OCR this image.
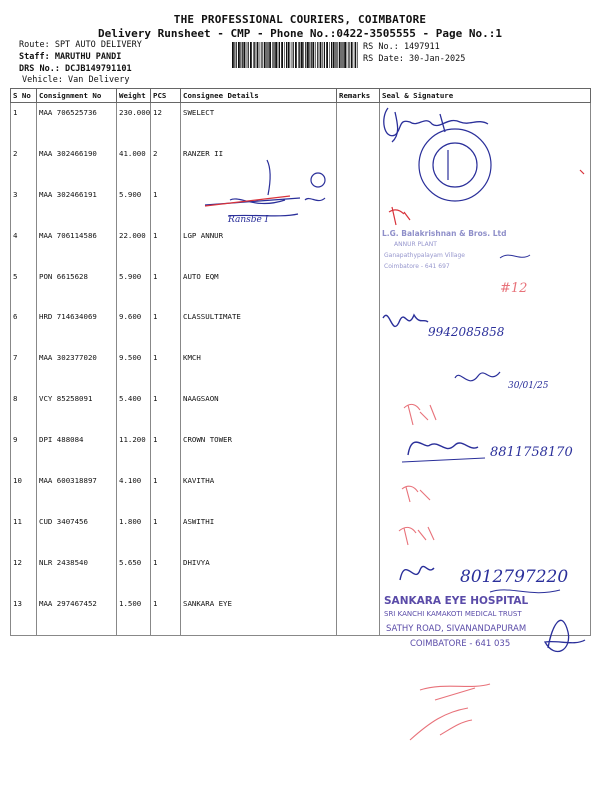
THE PROFESSIONAL COURIERS, COIMBATORE
Delivery Runsheet - CMP - Phone No.:0422-3505555 - Page No.:1
Route: SPT AUTO DELIVERY
Staff: MARUTHU PANDI
DRS No.: DCJB149791101
Vehicle: Van Delivery
RS No.: 1497911
RS Date: 30-Jan-2025
S No	Consignment No	Weight	PCS	Consignee Details	Remarks	Seal & Signature
1	MAA 706525736	230.000	12	SWELECT		
2	MAA 302466190	41.000	2	RANZER II		
3	MAA 302466191	5.900	1			
4	MAA 706114586	22.000	1	LGP ANNUR		
5	PON 6615628	5.900	1	AUTO EQM		
6	HRD 714634069	9.600	1	CLASSULTIMATE		
7	MAA 302377020	9.500	1	KMCH		
8	VCY 85258091	5.400	1	NAAGSAON		
9	DPI 488084	11.200	1	CROWN TOWER		
10	MAA 600318897	4.100	1	KAVITHA		
11	CUD 3407456	1.800	1	ASWITHI		
12	NLR 2438540	5.650	1	DHIVYA		
13	MAA 297467452	1.500	1	SANKARA EYE		
Ransbe I
#12
L.G. Balakrishnan & Bros. Ltd
ANNUR PLANT
Ganapathypalayam Village
Coimbatore - 641 697
9942085858
30/01/25
8811758170
8012797220
SANKARA EYE HOSPITAL
SRI KANCHI KAMAKOTI MEDICAL TRUST
SATHY ROAD, SIVANANDAPURAM
COIMBATORE - 641 035
